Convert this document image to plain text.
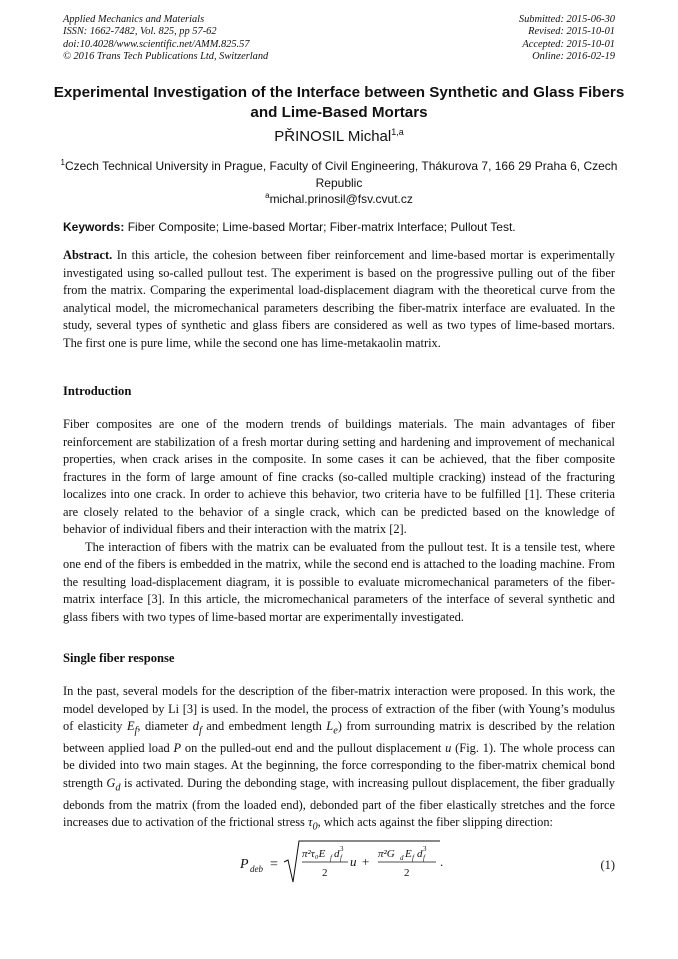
Applied Mechanics and Materials
ISSN: 1662-7482, Vol. 825, pp 57-62
doi:10.4028/www.scientific.net/AMM.825.57
© 2016 Trans Tech Publications Ltd, Switzerland
Submitted: 2015-06-30
Revised: 2015-10-01
Accepted: 2015-10-01
Online: 2016-02-19
Experimental Investigation of the Interface between Synthetic and Glass Fibers and Lime-Based Mortars
PŘINOSIL Michal$^{1,a}$
$^1$Czech Technical University in Prague, Faculty of Civil Engineering, Thákurova 7, 166 29 Praha 6, Czech Republic
$^a$michal.prinosil@fsv.cvut.cz
Keywords: Fiber Composite; Lime-based Mortar; Fiber-matrix Interface; Pullout Test.

Abstract. In this article, the cohesion between fiber reinforcement and lime-based mortar is experimentally investigated using so-called pullout test. The experiment is based on the progressive pulling out of the fiber from the matrix. Comparing the experimental load-displacement diagram with the theoretical curve from the analytical model, the micromechanical parameters describing the fiber-matrix interface are evaluated. In the study, several types of synthetic and glass fibers are considered as well as two types of lime-based mortars. The first one is pure lime, while the second one has lime-metakaolin matrix.

Introduction

Fiber composites are one of the modern trends of buildings materials. The main advantages of fiber reinforcement are stabilization of a fresh mortar during setting and hardening and improvement of mechanical properties, when crack arises in the composite. In some cases it can be achieved, that the fiber composite fractures in the form of large amount of fine cracks (so-called multiple cracking) instead of the fracturing localizes into one crack. In order to achieve this behavior, two criteria have to be fulfilled [1]. These criteria are closely related to the behavior of a single crack, which can be predicted based on the knowledge of behavior of individual fibers and their interaction with the matrix [2].

The interaction of fibers with the matrix can be evaluated from the pullout test. It is a tensile test, where one end of the fibers is embedded in the matrix, while the second end is attached to the loading machine. From the resulting load-displacement diagram, it is possible to evaluate micromechanical parameters of the fiber-matrix interface [3]. In this article, the micromechanical parameters of the interface of several synthetic and glass fibers with two types of lime-based mortar are experimentally investigated.

Single fiber response

In the past, several models for the description of the fiber-matrix interaction were proposed. In this work, the model developed by Li [3] is used. In the model, the process of extraction of the fiber (with Young’s modulus of elasticity $E_f$, diameter $d_f$ and embedment length $L_e$) from surrounding matrix is described by the relation between applied load P on the pulled-out end and the pullout displacement u (Fig. 1). The whole process can be divided into two main stages. At the beginning, the force corresponding to the fiber-matrix chemical bond strength $G_d$ is activated. During the debonding stage, with increasing pullout displacement, the fiber gradually debonds from the matrix (from the loaded end), debonded part of the fiber elastically stretches and the force increases due to activation of the frictional stress $\tau_0$, which acts against the fiber slipping direction:

P deb =
π²τ₀E f d f
3
2
u + π²G d E f d f
3
2
.	(1)
